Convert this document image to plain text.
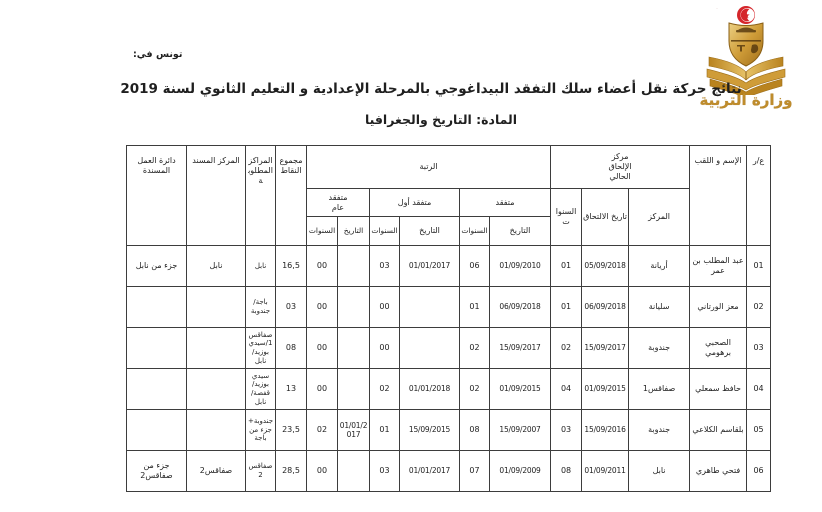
وزارة التربية
تونس في:
نتائج حركة نقل أعضاء سلك التفقد البيداغوجي بالمرحلة الإعدادية و التعليم الثانوي لسنة 2019
المادة: التاريخ والجغرافيا
ع/ر	الإسم و اللقب	مركز الإلحاق الحالي			الرتبة						مجموع النقاط	المراكز المطلوبة	المركز المسند	دائرة العمل المسندة
		المركز	تاريخ الالتحاق	السنوات	متفقد		متفقد أول		متفقد عام					
					التاريخ	السنوات	التاريخ	السنوات	التاريخ	السنوات				
01	عبد المطلب بن عمر	أريانة	05/09/2018	01	01/09/2010	06	01/01/2017	03		00	16,5	نابل	نابل	جزء من نابل
02	معز الورتاني	سليانة	06/09/2018	01	06/09/2018	01		00		00	03	باجة/جندوبة		
03	الصحبي برهومي	جندوبة	15/09/2017	02	15/09/2017	02		00		00	08	صفاقس1/سيدي بوزيد/نابل		
04	حافظ سمعلي	صفاقس1	01/09/2015	04	01/09/2015	02	01/01/2018	02		00	13	سيدي بوزيد/قفصة/نابل		
05	بلقاسم الكلاعي	جندوبة	15/09/2016	03	15/09/2007	08	15/09/2015	01	01/01/2017	02	23,5	جندوبة+جزء من باجة		
06	فتحي طاهري	نابل	01/09/2011	08	01/09/2009	07	01/01/2017	03		00	28,5	صفاقس 2	صفاقس2	جزء من صفاقس2
